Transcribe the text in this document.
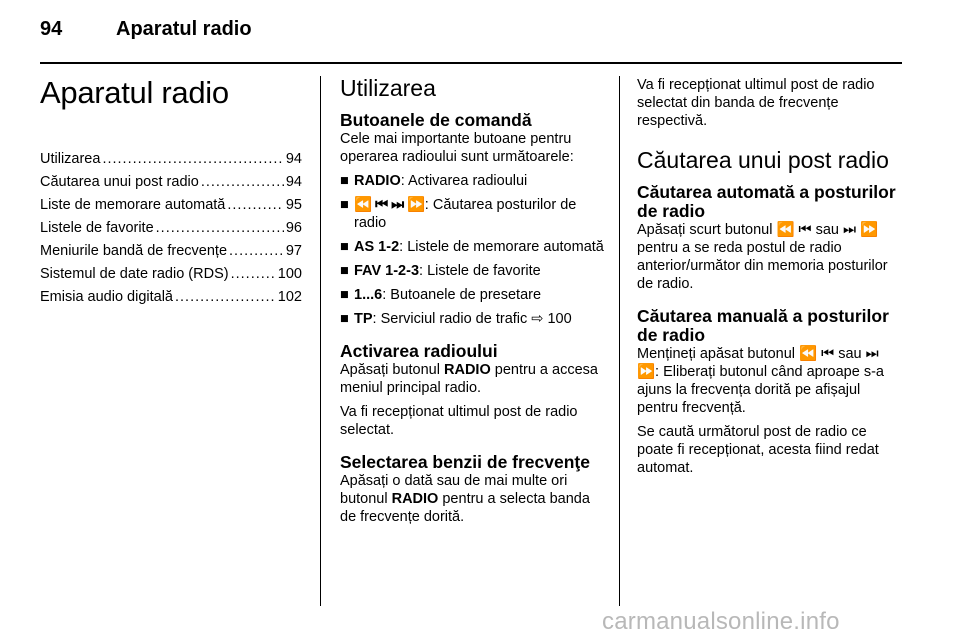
94	Aparatul radio
Aparatul radio
Utilizarea .....	94
Căutarea unui post radio .....	94
Liste de memorare automată .....	95
Listele de favorite .....	96
Meniurile bandă de frecvențe .....	97
Sistemul de date radio (RDS) .....	100
Emisia audio digitală .....	102
Utilizarea
Butoanele de comandă

Cele mai importante butoane pentru operarea radioului sunt următoarele:

■ RADIO: Activarea radioului
■ ⏪ ⏮ ⏭ ⏩: Căutarea posturilor de radio
■ AS 1-2: Listele de memorare automată
■ FAV 1-2-3: Listele de favorite
■ 1...6: Butoanele de presetare
■ TP: Serviciul radio de trafic ⇨ 100
Activarea radioului

Apăsați butonul RADIO pentru a accesa meniul principal radio.

Va fi recepționat ultimul post de radio selectat.

Selectarea benzii de frecvenţe

Apăsați o dată sau de mai multe ori butonul RADIO pentru a selecta banda de frecvențe dorită.

Va fi recepționat ultimul post de radio selectat din banda de frecvențe respectivă.

Căutarea unui post radio
Căutarea automată a posturilor de radio

Apăsați scurt butonul ⏪ ⏮ sau ⏭ ⏩ pentru a se reda postul de radio anterior/următor din memoria posturilor de radio.

Căutarea manuală a posturilor de radio

Mențineți apăsat butonul ⏪ ⏮ sau ⏭ ⏩: Eliberați butonul când aproape s-a ajuns la frecvența dorită pe afișajul pentru frecvență.

Se caută următorul post de radio ce poate fi recepționat, acesta fiind redat automat.

carmanualsonline.info
